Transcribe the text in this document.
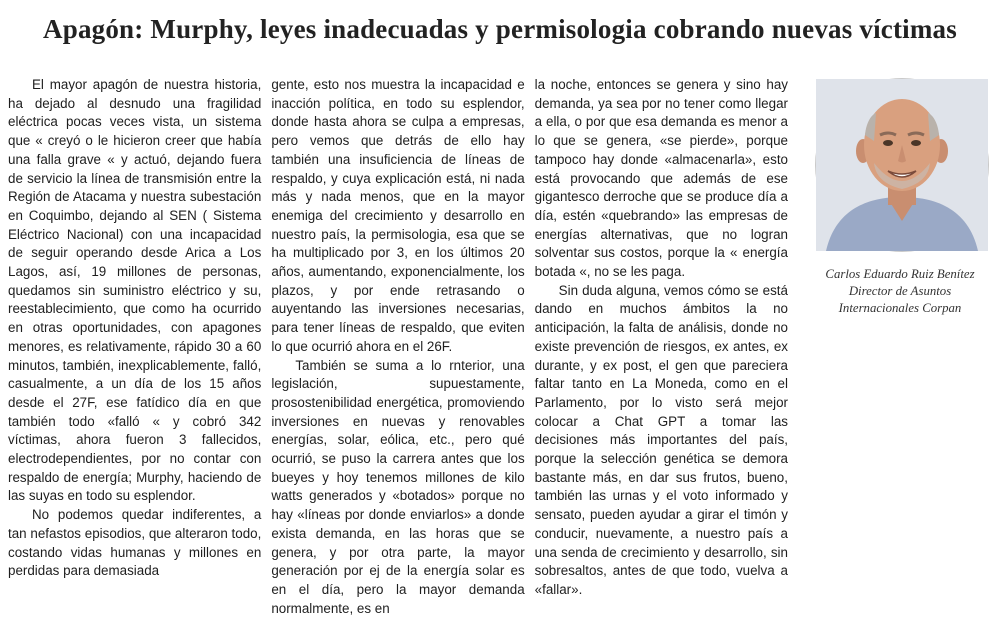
Apagón: Murphy, leyes inadecuadas y permisologia cobrando nuevas víctimas

El mayor apagón de nuestra historia, ha dejado al desnudo una fragilidad eléctrica pocas veces vista, un sistema que « creyó o le hicieron creer que había una falla grave « y actuó, dejando fuera de servicio la línea de transmisión entre la Región de Atacama y nuestra subestación en Coquimbo, dejando al SEN ( Sistema Eléctrico Nacional) con una incapacidad de seguir operando desde Arica a Los Lagos, así, 19 millones de personas, quedamos sin suministro eléctrico y su, reestablecimiento, que como ha ocurrido en otras oportunidades, con apagones menores, es relativamente, rápido 30 a 60 minutos, también, inexplicablemente, falló, casualmente, a un día de los 15 años desde el 27F, ese fatídico día en que también todo «falló « y cobró 342 víctimas, ahora fueron 3 fallecidos, electrodependientes, por no contar con respaldo de energía; Murphy, haciendo de las suyas en todo su esplendor.

No podemos quedar indiferentes, a tan nefastos episodios, que alteraron todo, costando vidas humanas y millones en perdidas para demasiada

gente, esto nos muestra la incapacidad e inacción política, en todo su esplendor, donde hasta ahora se culpa a empresas, pero vemos que detrás de ello hay también una insuficiencia de líneas de respaldo, y cuya explicación está, ni nada más y nada menos, que en la mayor enemiga del crecimiento y desarrollo en nuestro país, la permisologia, esa que se ha multiplicado por 3, en los últimos 20 años, aumentando, exponencialmente, los plazos, y por ende retrasando o auyentando las inversiones necesarias, para tener líneas de respaldo, que eviten lo que ocurrió ahora en el 26F.

También se suma a lo rnterior, una legislación, supuestamente, prosostenibilidad energética, promoviendo inversiones en nuevas y renovables energías, solar, eólica, etc., pero qué ocurrió, se puso la carrera antes que los bueyes y hoy tenemos millones de kilo watts generados y «botados» porque no hay «líneas por donde enviarlos» a donde exista demanda, en las horas que se genera, y por otra parte, la mayor generación por ej de la energía solar es en el día, pero la mayor demanda normalmente, es en

la noche, entonces se genera y sino hay demanda, ya sea por no tener como llegar a ella, o por que esa demanda es menor a lo que se genera, «se pierde», porque tampoco hay donde «almacenarla», esto está provocando que además de ese gigantesco derroche que se produce día a día, estén «quebrando» las empresas de energías alternativas, que no logran solventar sus costos, porque la « energía botada «, no se les paga.

Sin duda alguna, vemos cómo se está dando en muchos ámbitos la no anticipación, la falta de análisis, donde no existe prevención de riesgos, ex antes, ex durante, y ex post, el gen que pareciera faltar tanto en La Moneda, como en el Parlamento, por lo visto será mejor colocar a Chat GPT a tomar las decisiones más importantes del país, porque la selección genética se demora bastante más, en dar sus frutos, bueno, también las urnas y el voto informado y sensato, pueden ayudar a girar el timón y conducir, nuevamente, a nuestro país a una senda de crecimiento y desarrollo, sin sobresaltos, antes de que todo, vuelva a «fallar».

Carlos Eduardo Ruiz Benítez
Director de Asuntos
Internacionales Corpan
